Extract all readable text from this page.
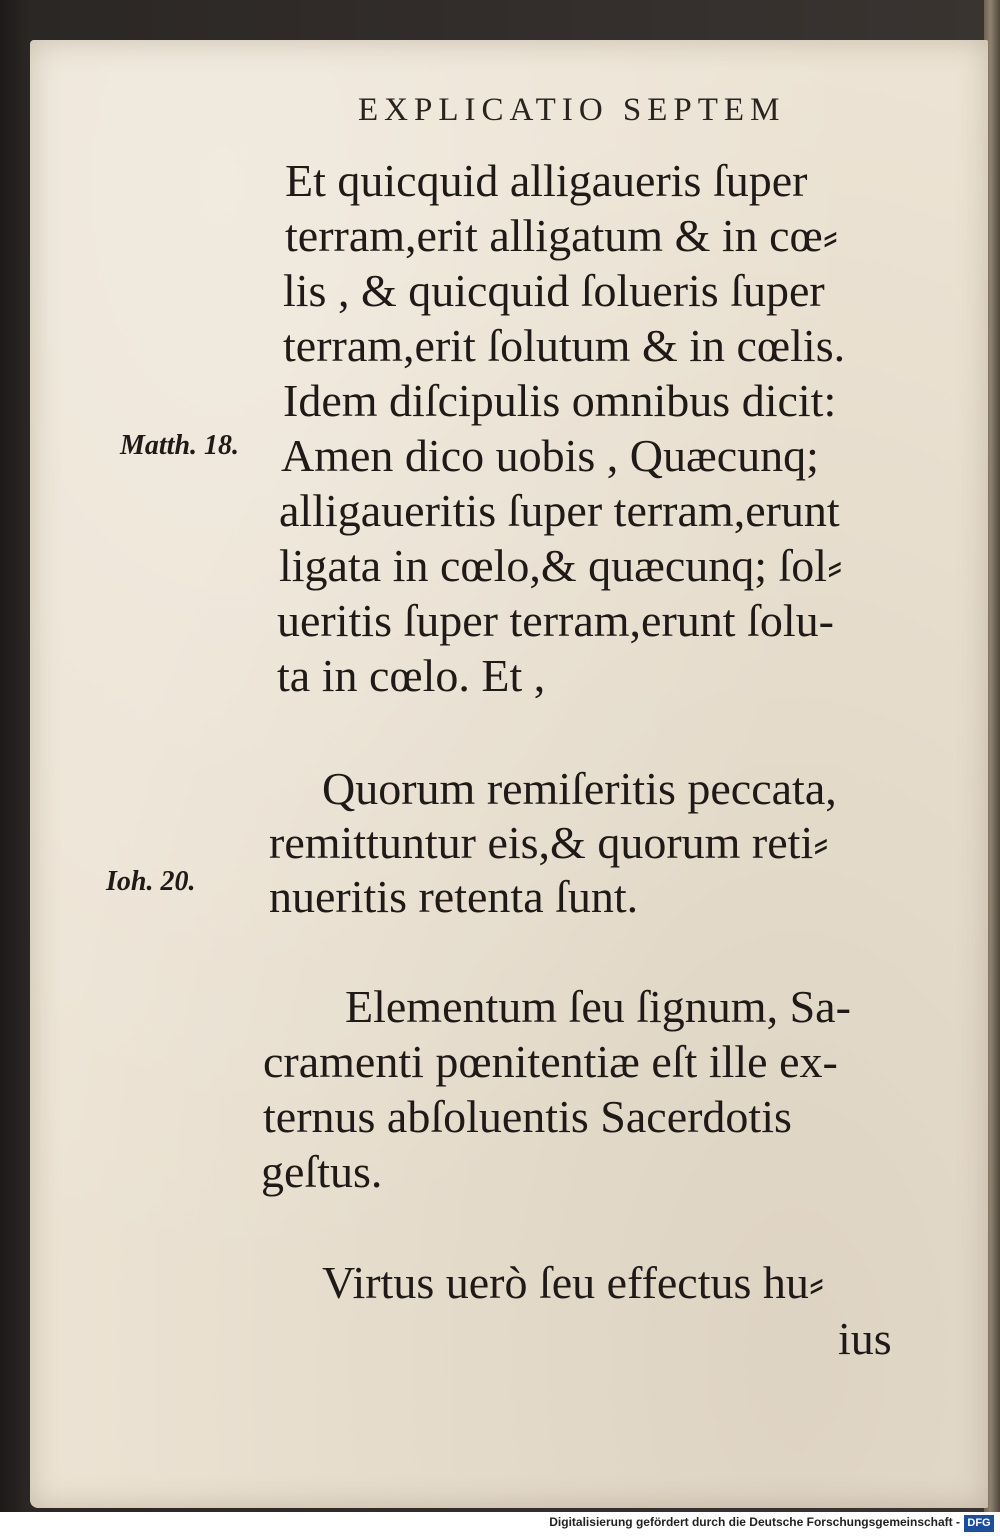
EXPLICATIO SEPTEM
Matth. 18.
Ioh. 20.
Et quicquid alligaueris ſuper
terram,erit alligatum & in cœ⸗
lis , & quicquid ſolueris ſuper
terram,erit ſolutum & in cœlis.
Idem diſcipulis omnibus dicit:
Amen dico uobis , Quæcunq;
alligaueritis ſuper terram,erunt
ligata in cœlo,& quæcunq; ſol⸗
ueritis ſuper terram,erunt ſolu-
ta in cœlo. Et ,
Quorum remiſeritis peccata,
remittuntur eis,& quorum reti⸗
nueritis retenta ſunt.
Elementum ſeu ſignum, Sa-
cramenti pœnitentiæ eſt ille ex-
ternus abſoluentis Sacerdotis
geſtus.
Virtus uerò ſeu effectus hu⸗
ius
Digitalisierung gefördert durch die Deutsche Forschungsgemeinschaft - DFG
